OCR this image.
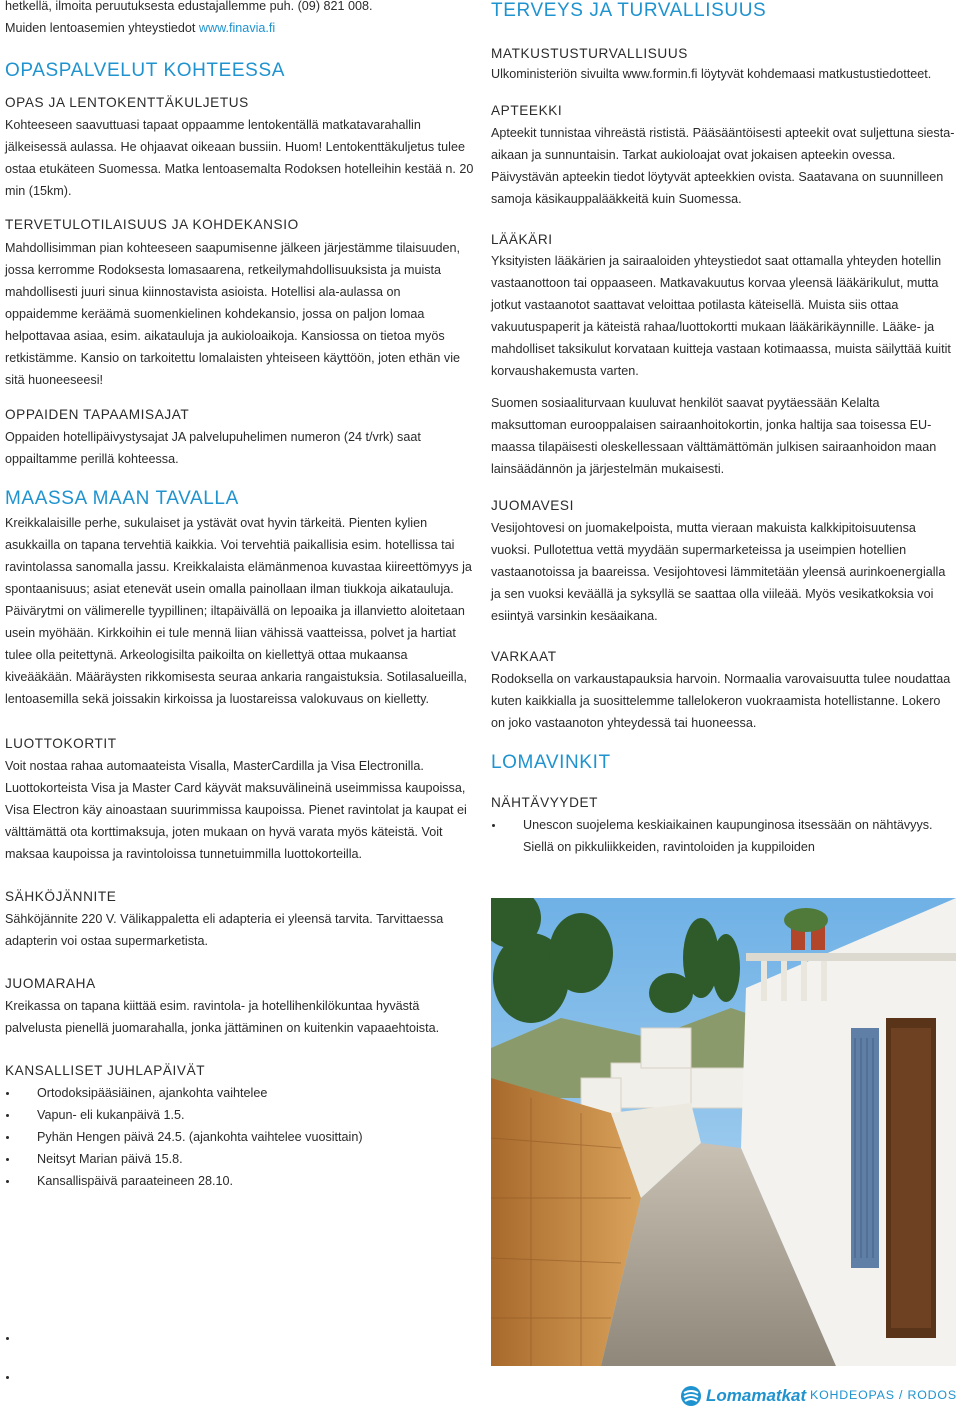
hetkellä, ilmoita peruutuksesta edustajallemme puh. (09) 821 008.

Muiden lentoasemien yhteystiedot www.finavia.fi

OPASPALVELUT KOHTEESSA
OPAS JA LENTOKENTTÄKULJETUS

Kohteeseen saavuttuasi tapaat oppaamme lentokentällä matkatavarahallin jälkeisessä aulassa. He ohjaavat oikeaan bussiin. Huom! Lentokenttäkuljetus tulee ostaa etukäteen Suomessa. Matka lentoasemalta Rodoksen hotelleihin kestää n. 20 min (15km).

TERVETULOTILAISUUS JA KOHDEKANSIO

Mahdollisimman pian kohteeseen saapumisenne jälkeen järjestämme tilaisuuden, jossa kerromme Rodoksesta lomasaarena, retkeilymahdollisuuksista ja muista mahdollisesti juuri sinua kiinnostavista asioista. Hotellisi ala-aulassa on oppaidemme keräämä suomenkielinen kohdekansio, jossa on paljon lomaa helpottavaa asiaa, esim. aikatauluja ja aukioloaikoja. Kansiossa on tietoa myös retkistämme. Kansio on tarkoitettu lomalaisten yhteiseen käyttöön, joten ethän vie sitä huoneeseesi!

OPPAIDEN TAPAAMISAJAT

Oppaiden hotellipäivystysajat JA palvelupuhelimen numeron (24 t/vrk) saat oppailtamme perillä kohteessa.

MAASSA MAAN TAVALLA

Kreikkalaisille perhe, sukulaiset ja ystävät ovat hyvin tärkeitä. Pienten kylien asukkailla on tapana tervehtiä kaikkia. Voi tervehtiä paikallisia esim. hotellissa tai ravintolassa sanomalla jassu. Kreikkalaista elämänmenoa kuvastaa kiireettömyys ja spontaanisuus; asiat etenevät usein omalla painollaan ilman tiukkoja aikatauluja. Päivärytmi on välimerelle tyypillinen; iltapäivällä on lepoaika ja illanvietto aloitetaan usein myöhään. Kirkkoihin ei tule mennä liian vähissä vaatteissa, polvet ja hartiat tulee olla peitettynä. Arkeologisilta paikoilta on kiellettyä ottaa mukaansa kiveääkään. Määräysten rikkomisesta seuraa ankaria rangaistuksia. Sotilasalueilla, lentoasemilla sekä joissakin kirkoissa ja luostareissa valokuvaus on kielletty.

LUOTTOKORTIT

Voit nostaa rahaa automaateista Visalla, MasterCardilla ja Visa Electronilla. Luottokorteista Visa ja Master Card käyvät maksuvälineinä useimmissa kaupoissa, Visa Electron käy ainoastaan suurimmissa kaupoissa. Pienet ravintolat ja kaupat ei välttämättä ota korttimaksuja, joten mukaan on hyvä varata myös käteistä. Voit maksaa kaupoissa ja ravintoloissa tunnetuimmilla luottokorteilla.

SÄHKÖJÄNNITE

Sähköjännite 220 V. Välikappaletta eli adapteria ei yleensä tarvita. Tarvittaessa adapterin voi ostaa supermarketista.

JUOMARAHA

Kreikassa on tapana kiittää esim. ravintola- ja hotellihenkilökuntaa hyvästä palvelusta pienellä juomarahalla, jonka jättäminen on kuitenkin vapaaehtoista.

KANSALLISET JUHLAPÄIVÄT
Ortodoksipääsiäinen, ajankohta vaihtelee
Vapun- eli kukanpäivä 1.5.
Pyhän Hengen päivä 24.5. (ajankohta vaihtelee vuosittain)
Neitsyt Marian päivä 15.8.
Kansallispäivä paraateineen 28.10.
TERVEYS JA TURVALLISUUS
MATKUSTUSTURVALLISUUS

Ulkoministeriön sivuilta www.formin.fi löytyvät kohdemaasi matkustustiedotteet.

APTEEKKI

Apteekit tunnistaa vihreästä rististä. Pääsääntöisesti apteekit ovat suljettuna siesta-aikaan ja sunnuntaisin. Tarkat aukioloajat ovat jokaisen apteekin ovessa. Päivystävän apteekin tiedot löytyvät apteekkien ovista. Saatavana on suunnilleen samoja käsikauppalääkkeitä kuin Suomessa.

LÄÄKÄRI

Yksityisten lääkärien ja sairaaloiden yhteystiedot saat ottamalla yhteyden hotellin vastaanottoon tai oppaaseen. Matkavakuutus korvaa yleensä lääkärikulut, mutta jotkut vastaanotot saattavat veloittaa potilasta käteisellä. Muista siis ottaa vakuutuspaperit ja käteistä rahaa/luottokortti mukaan lääkärikäynnille. Lääke- ja mahdolliset taksikulut korvataan kuitteja vastaan kotimaassa, muista säilyttää kuitit korvaushakemusta varten.

Suomen sosiaaliturvaan kuuluvat henkilöt saavat pyytäessään Kelalta maksuttoman eurooppalaisen sairaanhoitokortin, jonka haltija saa toisessa EU-maassa tilapäisesti oleskellessaan välttämättömän julkisen sairaanhoidon maan lainsäädännön ja järjestelmän mukaisesti.

JUOMAVESI

Vesijohtovesi on juomakelpoista, mutta vieraan makuista kalkkipitoisuutensa vuoksi. Pullotettua vettä myydään supermarketeissa ja useimpien hotellien vastaanotoissa ja baareissa. Vesijohtovesi lämmitetään yleensä aurinkoenergialla ja sen vuoksi keväällä ja syksyllä se saattaa olla viileää. Myös vesikatkoksia voi esiintyä varsinkin kesäaikana.

VARKAAT

Rodoksella on varkaustapauksia harvoin. Normaalia varovaisuutta tulee noudattaa kuten kaikkialla ja suosittelemme tallelokeron vuokraamista hotellistanne. Lokero on joko vastaanoton yhteydessä tai huoneessa.

LOMAVINKIT
NÄHTÄVYYDET
Unescon suojelema keskiaikainen kaupunginosa itsessään on nähtävyys. Siellä on pikkuliikkeiden, ravintoloiden ja kuppiloiden
Lomamatkat KOHDEOPAS / RODOS
